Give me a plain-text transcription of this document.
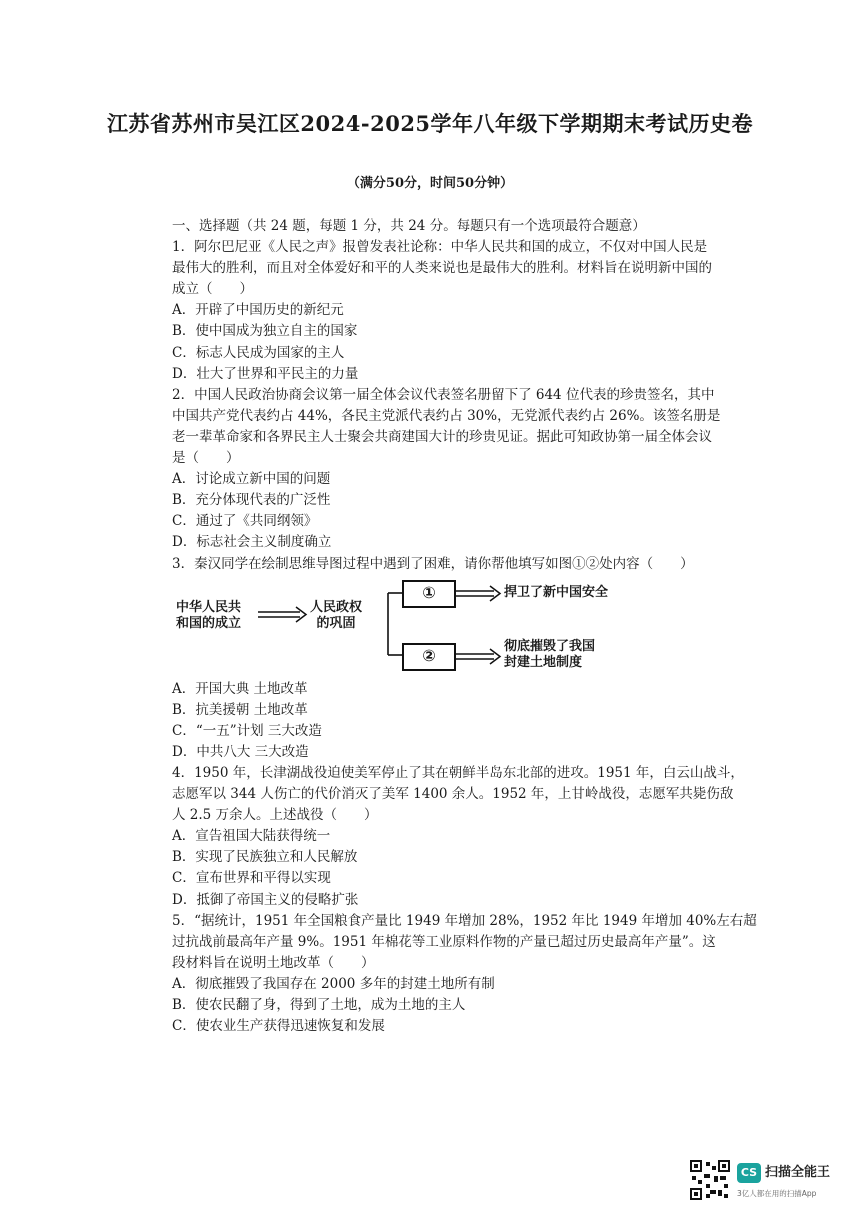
江苏省苏州市吴江区2024-2025学年八年级下学期期末考试历史卷
（满分50分，时间50分钟）

一、选择题（共 24 题，每题 1 分，共 24 分。每题只有一个选项最符合题意）

1．阿尔巴尼亚《人民之声》报曾发表社论称：中华人民共和国的成立，不仅对中国人民是

最伟大的胜利，而且对全体爱好和平的人类来说也是最伟大的胜利。材料旨在说明新中国的

成立（　　）

A．开辟了中国历史的新纪元

B．使中国成为独立自主的国家

C．标志人民成为国家的主人

D．壮大了世界和平民主的力量

2．中国人民政治协商会议第一届全体会议代表签名册留下了 644 位代表的珍贵签名，其中

中国共产党代表约占 44%，各民主党派代表约占 30%，无党派代表约占 26%。该签名册是

老一辈革命家和各界民主人士聚会共商建国大计的珍贵见证。据此可知政协第一届全体会议

是（　　）

A．讨论成立新中国的问题

B．充分体现代表的广泛性

C．通过了《共同纲领》

D．标志社会主义制度确立

3．秦汉同学在绘制思维导图过程中遇到了困难，请你帮他填写如图①②处内容（　　）

中华人民共
和国的成立
人民政权
的巩固
①
②
捍卫了新中国安全
彻底摧毁了我国
封建土地制度

A．开国大典 土地改革

B．抗美援朝 土地改革

C．“一五”计划 三大改造

D．中共八大 三大改造

4．1950 年，长津湖战役迫使美军停止了其在朝鲜半岛东北部的进攻。1951 年，白云山战斗，

志愿军以 344 人伤亡的代价消灭了美军 1400 余人。1952 年，上甘岭战役，志愿军共毙伤敌

人 2.5 万余人。上述战役（　　）

A．宣告祖国大陆获得统一

B．实现了民族独立和人民解放

C．宣布世界和平得以实现

D．抵御了帝国主义的侵略扩张

5．“据统计，1951 年全国粮食产量比 1949 年增加 28%，1952 年比 1949 年增加 40%左右超

过抗战前最高年产量 9%。1951 年棉花等工业原料作物的产量已超过历史最高年产量”。这

段材料旨在说明土地改革（　　）

A．彻底摧毁了我国存在 2000 多年的封建土地所有制

B．使农民翻了身，得到了土地，成为土地的主人

C．使农业生产获得迅速恢复和发展

CS 扫描全能王
3亿人都在用的扫描App
